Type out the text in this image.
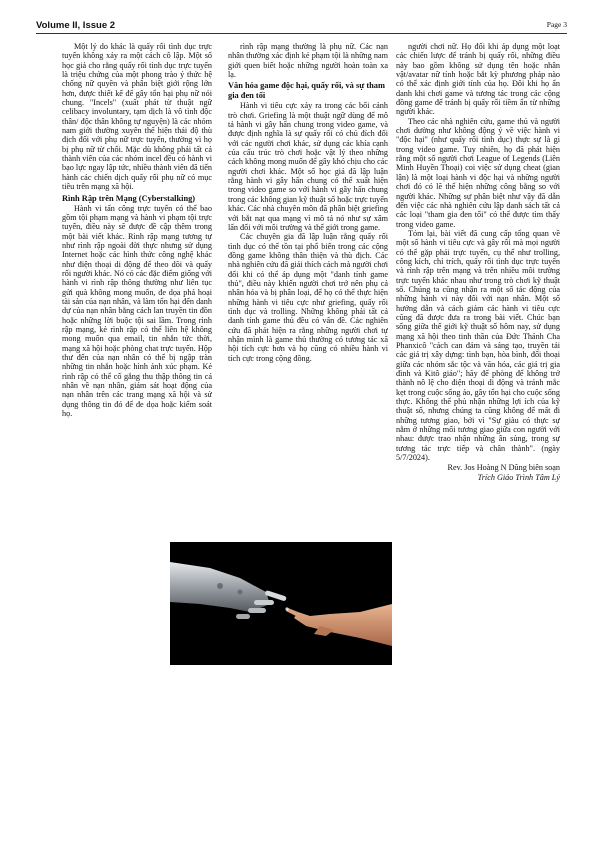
Volume II, Issue 2	Page 3

Một lý do khác là quấy rối tình dục trực tuyến không xảy ra một cách cô lập. Một số học giả cho rằng quấy rối tình dục trực tuyến là triệu chứng của một phong trào ý thức hệ chống nữ quyền và phân biệt giới rộng lớn hơn, được thiết kế để gây tổn hại phụ nữ nói chung. "Incels" (xuất phát từ thuật ngữ celibacy involuntary, tạm dịch là vô tình độc thân/ độc thân không tự nguyện) là các nhóm nam giới thường xuyên thể hiện thái độ thù địch đối với phụ nữ trực tuyến, thường vì họ bị phụ nữ từ chối. Mặc dù không phải tất cả thành viên của các nhóm incel đều có hành vi bạo lực ngay lập tức, nhiều thành viên đã tiến hành các chiến dịch quấy rối phụ nữ có mục tiêu trên mạng xã hội.

Rình Rập trên Mạng (Cyberstalking)

Hành vi tấn công trực tuyến có thể bao gồm tội phạm mạng và hành vi phạm tội trực tuyến, điều này sẽ được đề cập thêm trong một bài viết khác. Rình rập mạng tương tự như rình rập ngoài đời thực nhưng sử dụng Internet hoặc các hình thức công nghệ khác như điện thoại di động để theo dõi và quấy rối người khác. Nó có các đặc điểm giống với hành vi rình rập thông thường như liên tục gửi quà không mong muốn, đe dọa phá hoại tài sản của nạn nhân, và làm tổn hại đến danh dự của nạn nhân bằng cách lan truyền tin đồn hoặc những lời buộc tội sai lầm. Trong rình rập mạng, kẻ rình rập có thể liên hệ không mong muốn qua email, tin nhắn tức thời, mạng xã hội hoặc phòng chat trực tuyến. Hộp thư đến của nạn nhân có thể bị ngập tràn những tin nhắn hoặc hình ảnh xúc phạm. Kẻ rình rập có thể cố gắng thu thập thông tin cá nhân về nạn nhân, giám sát hoạt động của nạn nhân trên các trang mạng xã hội và sử dụng thông tin đó để đe dọa hoặc kiểm soát họ.

rình rập mạng thường là phụ nữ. Các nạn nhân thường xác định kẻ phạm tội là những nam giới quen biết hoặc những người hoàn toàn xa lạ.

Văn hóa game độc hại, quấy rối, và sự tham gia đen tối

Hành vi tiêu cực xảy ra trong các bối cảnh trò chơi. Griefing là một thuật ngữ dùng để mô tả hành vi gây hấn chung trong video game, và được định nghĩa là sự quấy rối có chủ đích đối với các người chơi khác, sử dụng các khía cạnh của cấu trúc trò chơi hoặc vật lý theo những cách không mong muốn để gây khó chịu cho các người chơi khác. Một số học giả đã lập luận rằng hành vi gây hấn chung có thể xuất hiện trong video game so với hành vi gây hấn chung trong các không gian kỹ thuật số hoặc trực tuyến khác. Các nhà chuyên môn đã phân biệt griefing với bắt nạt qua mạng vì mô tả nó như sự xâm lấn đối với môi trường và thế giới trong game.

Các chuyên gia đã lập luận rằng quấy rối tình dục có thể tồn tại phổ biến trong các cộng đồng game không thân thiện và thù địch. Các nhà nghiên cứu đã giải thích cách mà người chơi đối khi có thể áp dụng một "danh tính game thủ", điều này khiến người chơi trở nên phụ cả nhân hóa và bị phân loại, để họ có thể thực hiện những hành vi tiêu cực như griefing, quấy rối tình dục và trolling. Những không phải tất cả danh tính game thủ đều có vấn đề. Các nghiên cứu đã phát hiện ra rằng những người chơi tự nhận mình là game thủ thường có tương tác xã hội tích cực hơn và họ cũng có nhiều hành vi tích cực trong cộng đồng.

người chơi nữ. Họ đối khi áp dụng một loạt các chiến lược để tránh bị quấy rối, những điều này bao gồm không sử dụng tên hoặc nhân vật/avatar nữ tính hoặc bắt kỳ phương pháp nào có thể xác định giới tính của họ. Đôi khi họ ẩn danh khi chơi game và tương tác trong các cộng đồng game để tránh bị quấy rối tiềm ẩn từ những người khác.

Theo các nhà nghiên cứu, game thủ và người chơi dường như không động ý về việc hành vi "độc hại" (như quấy rối tình dục) thực sự là gì trong video game. Tuy nhiên, họ đã phát hiện rằng một số người chơi League of Legends (Liên Minh Huyền Thoại) coi việc sử dụng cheat (gian lận) là một loại hành vi độc hại và những người chơi đó có lẽ thể hiện những công bằng so với người khác. Những sự phân biệt như vậy đã dẫn đến việc các nhà nghiên cứu lập danh sách tất cả các loại "tham gia đen tối" có thể được tìm thấy trong video game.

Tóm lại, bài viết đã cung cấp tổng quan về một số hành vi tiêu cực và gây rối mà mọi người có thể gặp phải trực tuyến, cụ thể như trolling, công kích, chỉ trích, quấy rối tình dục trực tuyến và rình rập trên mạng và trên nhiều môi trường trực tuyến khác nhau như trong trò chơi kỹ thuật số. Chúng ta cũng nhận ra một số tác động của những hành vi này đối với nạn nhân. Một số hướng dẫn và cách giảm các hành vi tiêu cực cũng đã được đưa ra trong bài viết. Chúc bạn sống giữa thế giới kỹ thuật số hôm nay, sử dụng mạng xã hội theo tinh thần của Đức Thánh Cha Phanxicô "cách can đảm và sáng tạo, truyền tải các giá trị xây dựng: tình bạn, hòa bình, đối thoại giữa các nhóm sắc tộc và văn hóa, các giá trị gia đình và Kitô giáo"; hãy để phòng để không trở thành nô lệ cho điện thoại di động và tránh mắc kẹt trong cuộc sống ảo, gây tổn hại cho cuộc sống thực. Không thể phủ nhận những lợi ích của kỹ thuật số, nhưng chúng ta cũng không để mất đi những tương giao, bởi vì "Sự giàu có thực sự nằm ở những mối tương giao giữa con người với nhau: được trao nhận những ân sủng, trong sự tương tác trực tiếp và chân thành". (ngày 5/7/2024).

Rev. Jos Hoàng N Dũng biên soạn

Trích Giáo Trình Tâm Lý
